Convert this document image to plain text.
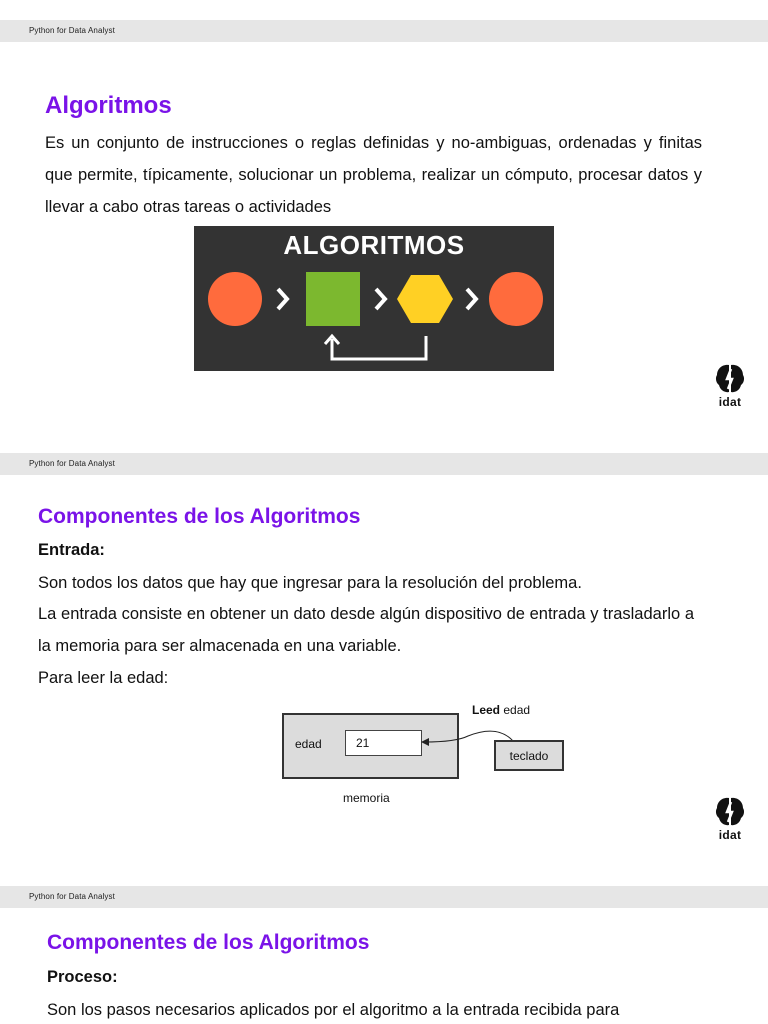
Python for Data Analyst
Algoritmos

Es un conjunto de instrucciones o reglas definidas y no-ambiguas, ordenadas y finitas que permite, típicamente, solucionar un problema, realizar un cómputo, procesar datos y llevar a cabo otras tareas o actividades

ALGORITMOS
idat
Python for Data Analyst
Componentes de los Algoritmos

Entrada:

Son todos los datos que hay que ingresar para la resolución del problema.

La entrada consiste en obtener un dato desde algún dispositivo de entrada y trasladarlo a la memoria para ser almacenada en una variable.

Para leer la edad:

edad	21
Leed edad
teclado
memoria
idat
Python for Data Analyst
Componentes de los Algoritmos

Proceso:

Son los pasos necesarios aplicados por el algoritmo a la entrada recibida para
